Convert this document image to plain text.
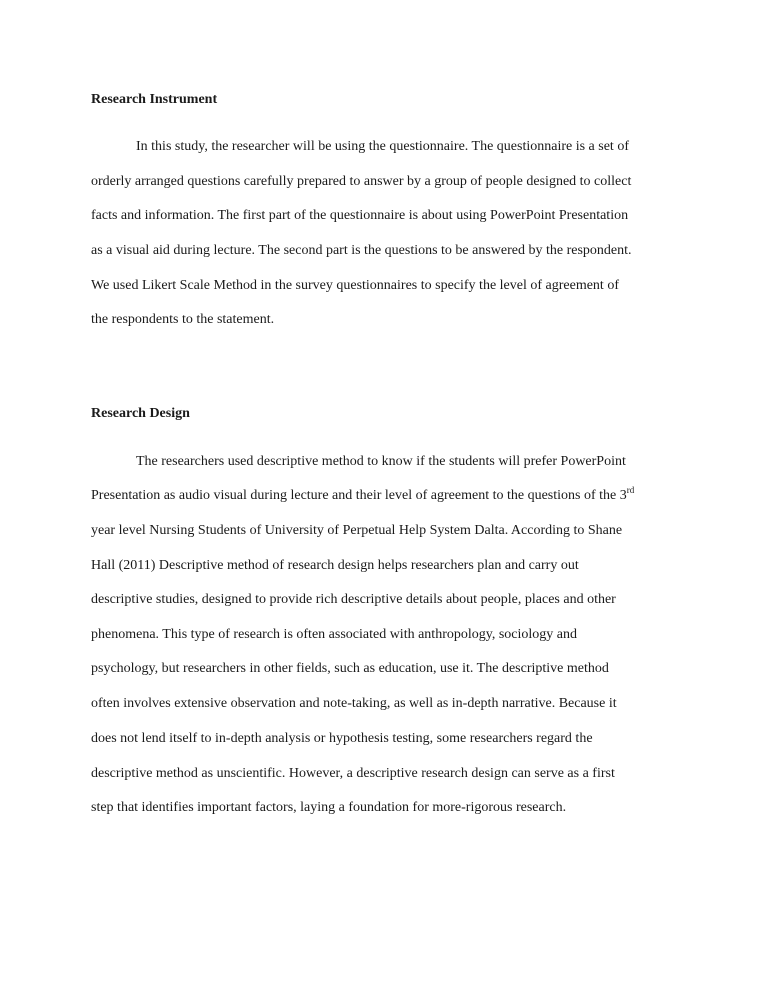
Research Instrument

In this study, the researcher will be using the questionnaire. The questionnaire is a set of

orderly arranged questions carefully prepared to answer by a group of people designed to collect

facts and information. The first part of the questionnaire is about using PowerPoint Presentation

as a visual aid during lecture. The second part is the questions to be answered by the respondent.

We used Likert Scale Method in the survey questionnaires to specify the level of agreement of

the respondents to the statement.

Research Design

The researchers used descriptive method to know if the students will prefer PowerPoint

Presentation as audio visual during lecture and their level of agreement to the questions of the 3rd

year level Nursing Students of University of Perpetual Help System Dalta. According to Shane

Hall (2011) Descriptive method of research design helps researchers plan and carry out

descriptive studies, designed to provide rich descriptive details about people, places and other

phenomena. This type of research is often associated with anthropology, sociology and

psychology, but researchers in other fields, such as education, use it. The descriptive method

often involves extensive observation and note-taking, as well as in-depth narrative. Because it

does not lend itself to in-depth analysis or hypothesis testing, some researchers regard the

descriptive method as unscientific. However, a descriptive research design can serve as a first

step that identifies important factors, laying a foundation for more-rigorous research.
